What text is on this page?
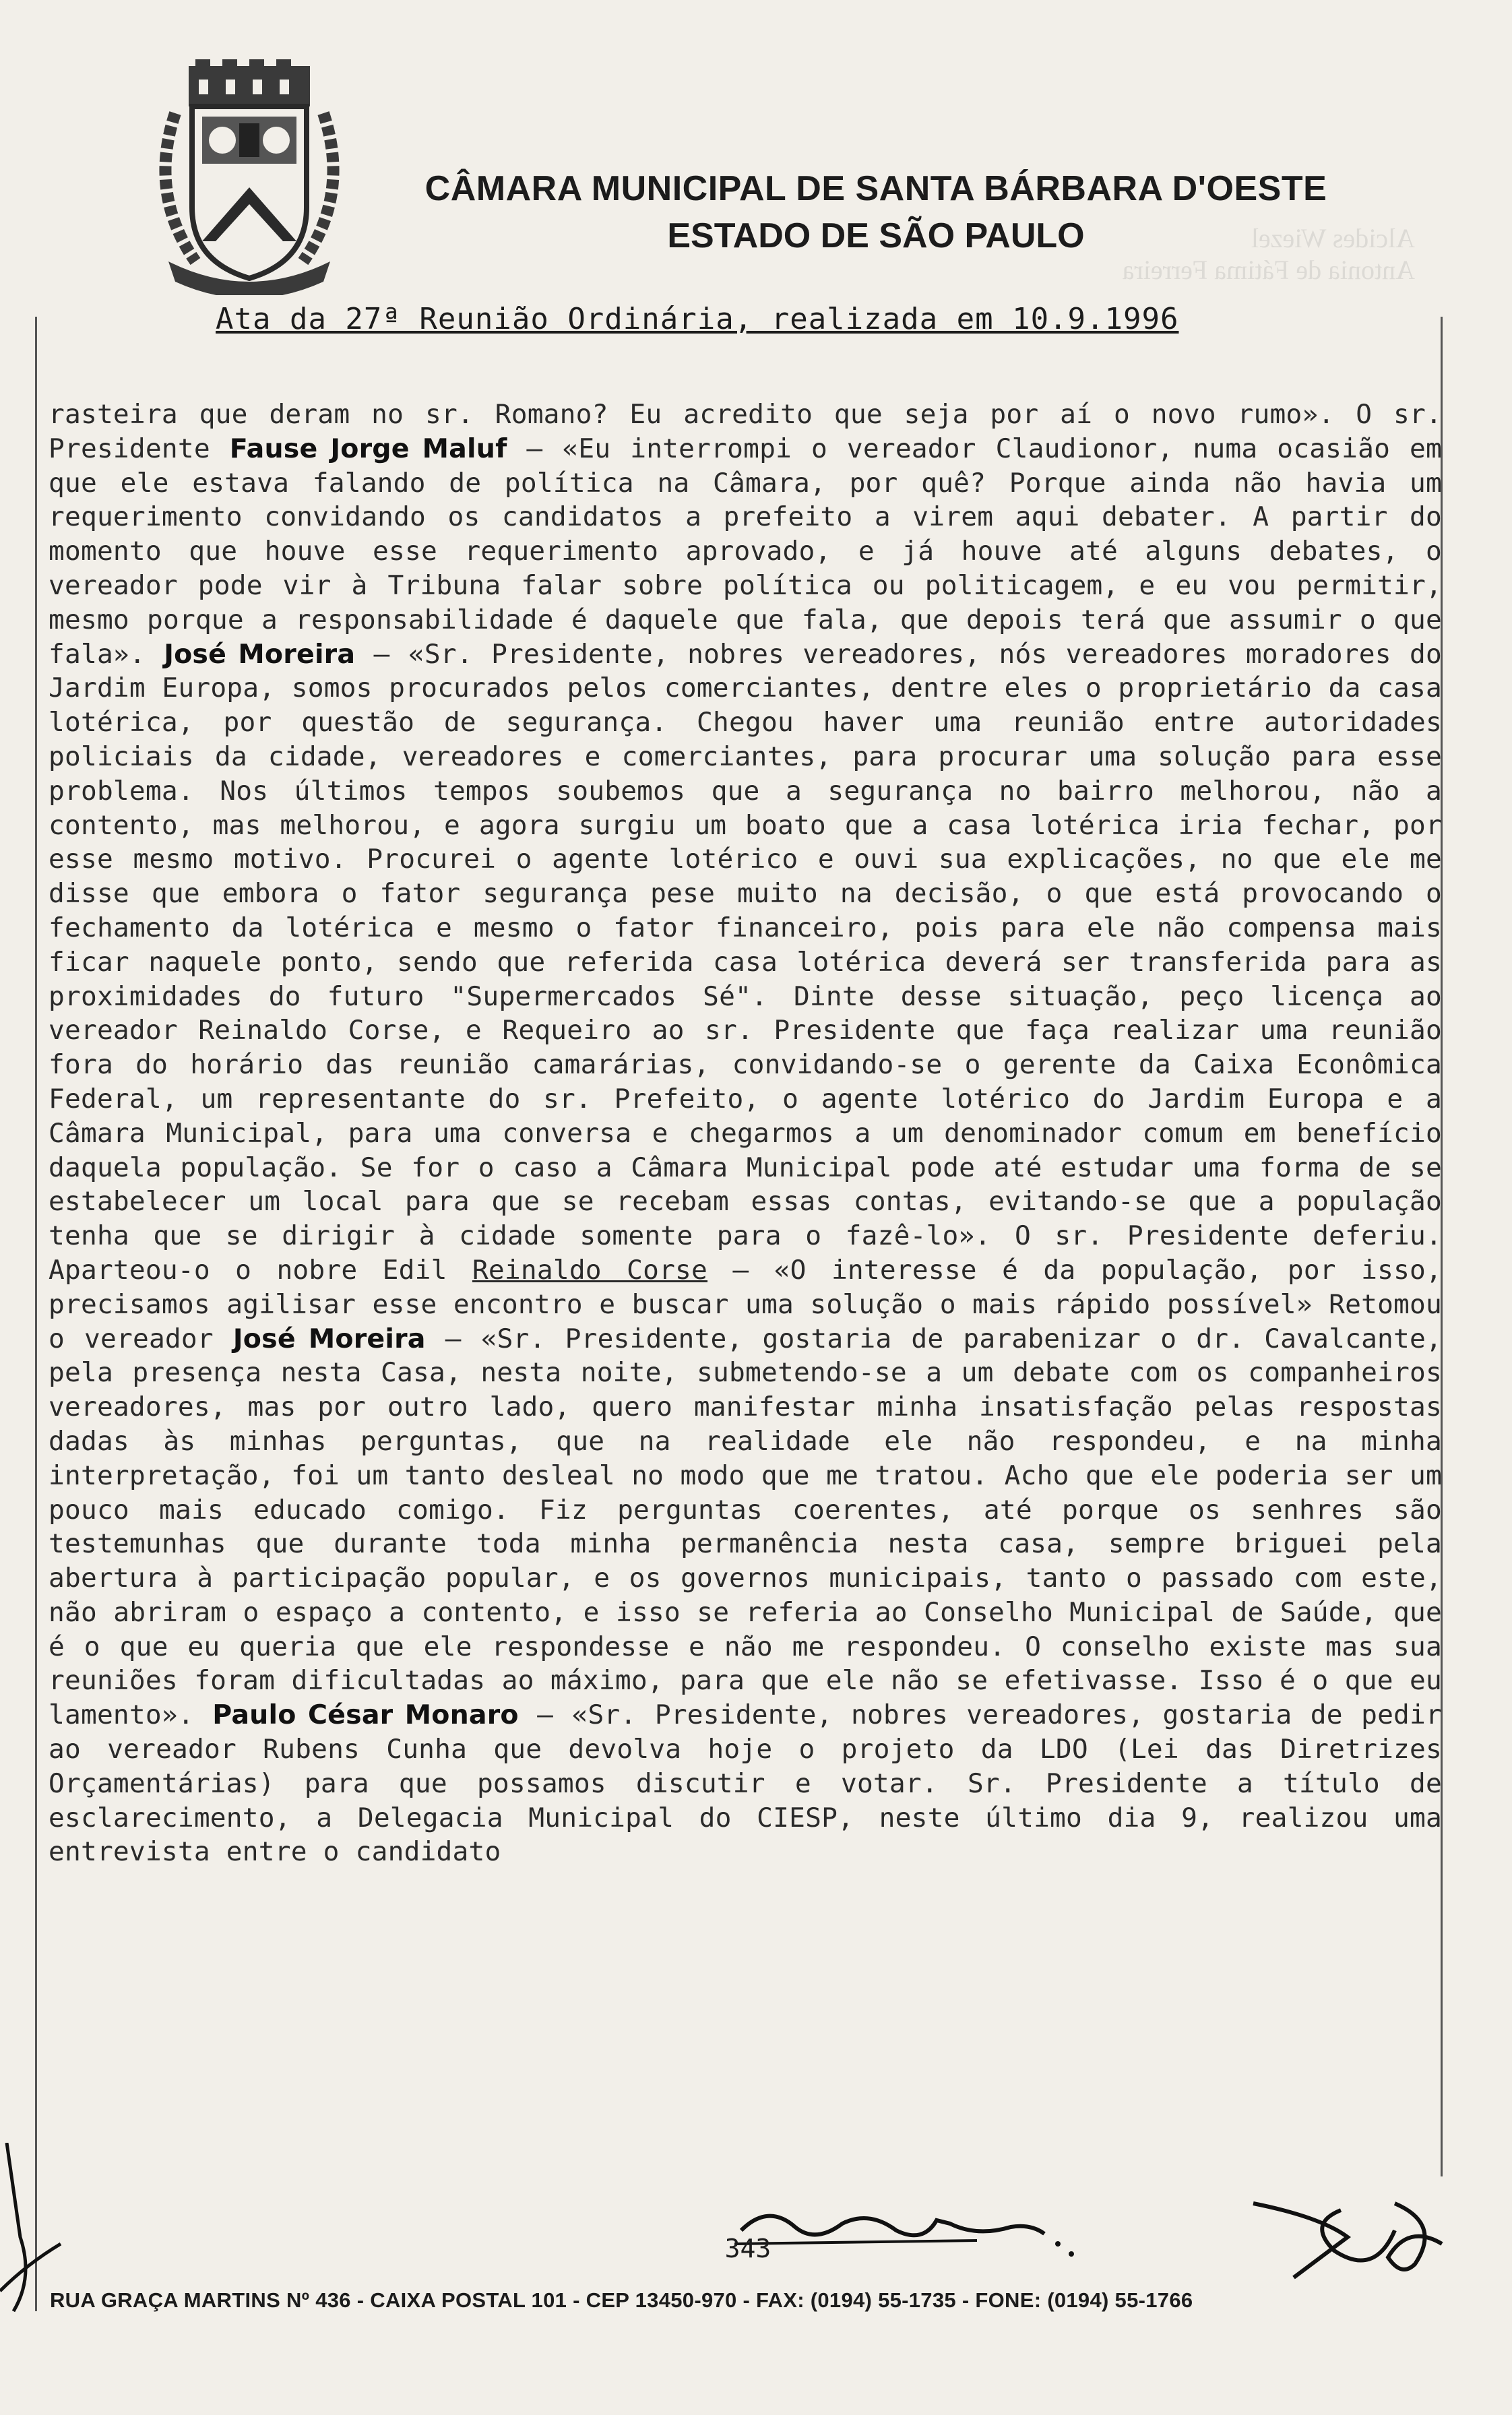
CÂMARA MUNICIPAL DE SANTA BÁRBARA D'OESTE
ESTADO DE SÃO PAULO	Alcides Wiezel
Antonia de Fátima Ferreira
Ata da 27ª Reunião Ordinária, realizada em 10.9.1996
rasteira que deram no sr. Romano? Eu acredito que seja por aí o novo rumo». O sr. Presidente Fause Jorge Maluf – «Eu interrompi o vereador Claudionor, numa ocasião em que ele estava falando de política na Câmara, por quê? Porque ainda não havia um requerimento convidando os candidatos a prefeito a virem aqui debater. A partir do momento que houve esse requerimento aprovado, e já houve até alguns debates, o vereador pode vir à Tribuna falar sobre política ou politicagem, e eu vou permitir, mesmo porque a responsabilidade é daquele que fala, que depois terá que assumir o que fala». José Moreira – «Sr. Presidente, nobres vereadores, nós vereadores moradores do Jardim Europa, somos procurados pelos comerciantes, dentre eles o proprietário da casa lotérica, por questão de segurança. Chegou haver uma reunião entre autoridades policiais da cidade, vereadores e comerciantes, para procurar uma solução para esse problema. Nos últimos tempos soubemos que a segurança no bairro melhorou, não a contento, mas melhorou, e agora surgiu um boato que a casa lotérica iria fechar, por esse mesmo motivo. Procurei o agente lotérico e ouvi sua explicações, no que ele me disse que embora o fator segurança pese muito na decisão, o que está provocando o fechamento da lotérica e mesmo o fator financeiro, pois para ele não compensa mais ficar naquele ponto, sendo que referida casa lotérica deverá ser transferida para as proximidades do futuro "Supermercados Sé". Dinte desse situação, peço licença ao vereador Reinaldo Corse, e Requeiro ao sr. Presidente que faça realizar uma reunião fora do horário das reunião camarárias, convidando-se o gerente da Caixa Econômica Federal, um representante do sr. Prefeito, o agente lotérico do Jardim Europa e a Câmara Municipal, para uma conversa e chegarmos a um denominador comum em benefício daquela população. Se for o caso a Câmara Municipal pode até estudar uma forma de se estabelecer um local para que se recebam essas contas, evitando-se que a população tenha que se dirigir à cidade somente para o fazê-lo». O sr. Presidente deferiu. Aparteou-o o nobre Edil Reinaldo Corse – «O interesse é da população, por isso, precisamos agilisar esse encontro e buscar uma solução o mais rápido possível» Retomou o vereador José Moreira – «Sr. Presidente, gostaria de parabenizar o dr. Cavalcante, pela presença nesta Casa, nesta noite, submetendo-se a um debate com os companheiros vereadores, mas por outro lado, quero manifestar minha insatisfação pelas respostas dadas às minhas perguntas, que na realidade ele não respondeu, e na minha interpretação, foi um tanto desleal no modo que me tratou. Acho que ele poderia ser um pouco mais educado comigo. Fiz perguntas coerentes, até porque os senhres são testemunhas que durante toda minha permanência nesta casa, sempre briguei pela abertura à participação popular, e os governos municipais, tanto o passado com este, não abriram o espaço a contento, e isso se referia ao Conselho Municipal de Saúde, que é o que eu queria que ele respondesse e não me respondeu. O conselho existe mas sua reuniões foram dificultadas ao máximo, para que ele não se efetivasse. Isso é o que eu lamento». Paulo César Monaro – «Sr. Presidente, nobres vereadores, gostaria de pedir ao vereador Rubens Cunha que devolva hoje o projeto da LDO (Lei das Diretrizes Orçamentárias) para que possamos discutir e votar. Sr. Presidente a título de esclarecimento, a Delegacia Municipal do CIESP, neste último dia 9, realizou uma entrevista entre o candidato
343
RUA GRAÇA MARTINS Nº 436 - CAIXA POSTAL 101 - CEP 13450-970 - FAX: (0194) 55-1735 - FONE: (0194) 55-1766
